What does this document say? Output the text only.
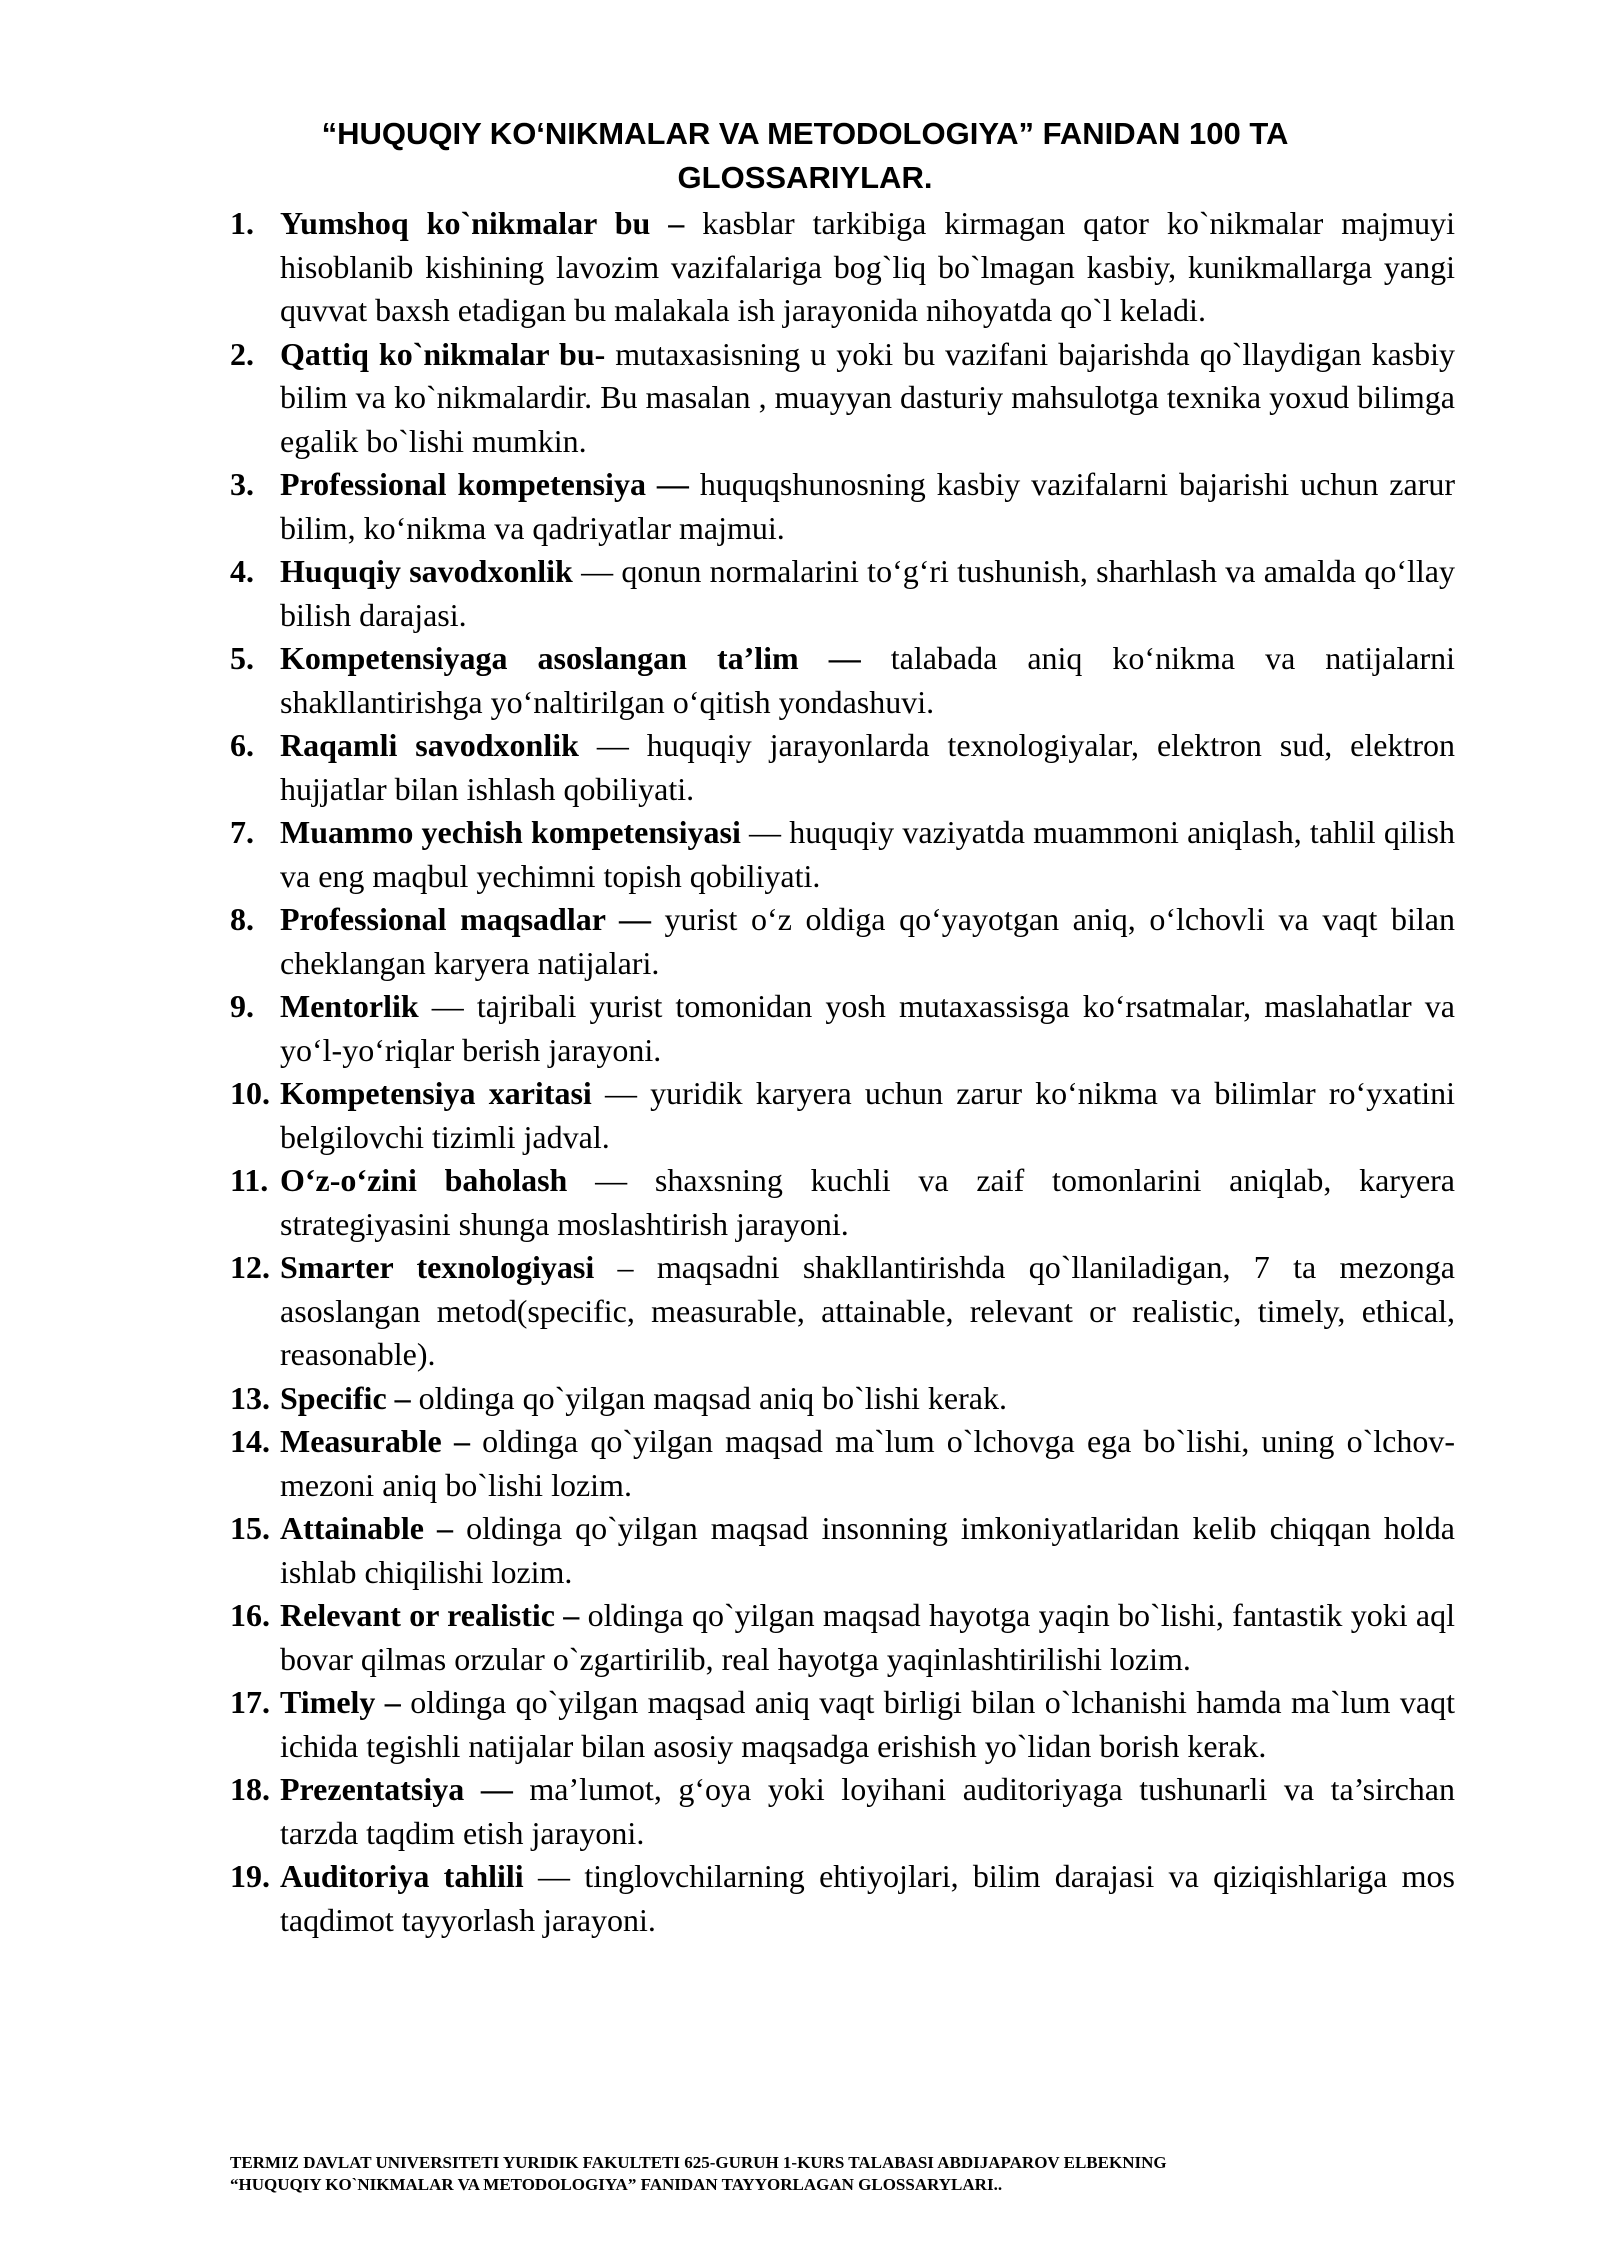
“HUQUQIY KO‘NIKMALAR VA METODOLOGIYA” FANIDAN 100 TA
GLOSSARIYLAR.
1. Yumshoq ko`nikmalar bu – kasblar tarkibiga kirmagan qator ko`nikmalar majmuyi hisoblanib kishining lavozim vazifalariga bog`liq bo`lmagan kasbiy, kunikmallarga yangi quvvat baxsh etadigan bu malakala ish jarayonida nihoyatda qo`l keladi.
2. Qattiq ko`nikmalar bu- mutaxasisning u yoki bu vazifani bajarishda qo`llaydigan kasbiy bilim va ko`nikmalardir. Bu masalan , muayyan dasturiy mahsulotga texnika yoxud bilimga egalik bo`lishi mumkin.
3. Professional kompetensiya — huquqshunosning kasbiy vazifalarni bajarishi uchun zarur bilim, ko‘nikma va qadriyatlar majmui.
4. Huquqiy savodxonlik — qonun normalarini to‘g‘ri tushunish, sharhlash va amalda qo‘llay bilish darajasi.
5. Kompetensiyaga asoslangan ta’lim — talabada aniq ko‘nikma va natijalarni shakllantirishga yo‘naltirilgan o‘qitish yondashuvi.
6. Raqamli savodxonlik — huquqiy jarayonlarda texnologiyalar, elektron sud, elektron hujjatlar bilan ishlash qobiliyati.
7. Muammo yechish kompetensiyasi — huquqiy vaziyatda muammoni aniqlash, tahlil qilish va eng maqbul yechimni topish qobiliyati.
8. Professional maqsadlar — yurist o‘z oldiga qo‘yayotgan aniq, o‘lchovli va vaqt bilan cheklangan karyera natijalari.
9. Mentorlik — tajribali yurist tomonidan yosh mutaxassisga ko‘rsatmalar, maslahatlar va yo‘l-yo‘riqlar berish jarayoni.
10. Kompetensiya xaritasi — yuridik karyera uchun zarur ko‘nikma va bilimlar ro‘yxatini belgilovchi tizimli jadval.
11. O‘z-o‘zini baholash — shaxsning kuchli va zaif tomonlarini aniqlab, karyera strategiyasini shunga moslashtirish jarayoni.
12. Smarter texnologiyasi – maqsadni shakllantirishda qo`llaniladigan, 7 ta mezonga asoslangan metod(specific, measurable, attainable, relevant or realistic, timely, ethical, reasonable).
13. Specific – oldinga qo`yilgan maqsad aniq bo`lishi kerak.
14. Measurable – oldinga qo`yilgan maqsad ma`lum o`lchovga ega bo`lishi, uning o`lchov-mezoni aniq bo`lishi lozim.
15. Attainable – oldinga qo`yilgan maqsad insonning imkoniyatlaridan kelib chiqqan holda ishlab chiqilishi lozim.
16. Relevant or realistic – oldinga qo`yilgan maqsad hayotga yaqin bo`lishi, fantastik yoki aql bovar qilmas orzular o`zgartirilib, real hayotga yaqinlashtirilishi lozim.
17. Timely – oldinga qo`yilgan maqsad aniq vaqt birligi bilan o`lchanishi hamda ma`lum vaqt ichida tegishli natijalar bilan asosiy maqsadga erishish yo`lidan borish kerak.
18. Prezentatsiya — ma’lumot, g‘oya yoki loyihani auditoriyaga tushunarli va ta’sirchan tarzda taqdim etish jarayoni.
19. Auditoriya tahlili — tinglovchilarning ehtiyojlari, bilim darajasi va qiziqishlariga mos taqdimot tayyorlash jarayoni.
TERMIZ DAVLAT UNIVERSITETI YURIDIK FAKULTETI 625-GURUH 1-KURS TALABASI ABDIJAPAROV ELBEKNING
“HUQUQIY KO`NIKMALAR VA METODOLOGIYA” FANIDAN TAYYORLAGAN GLOSSARYLARI..
